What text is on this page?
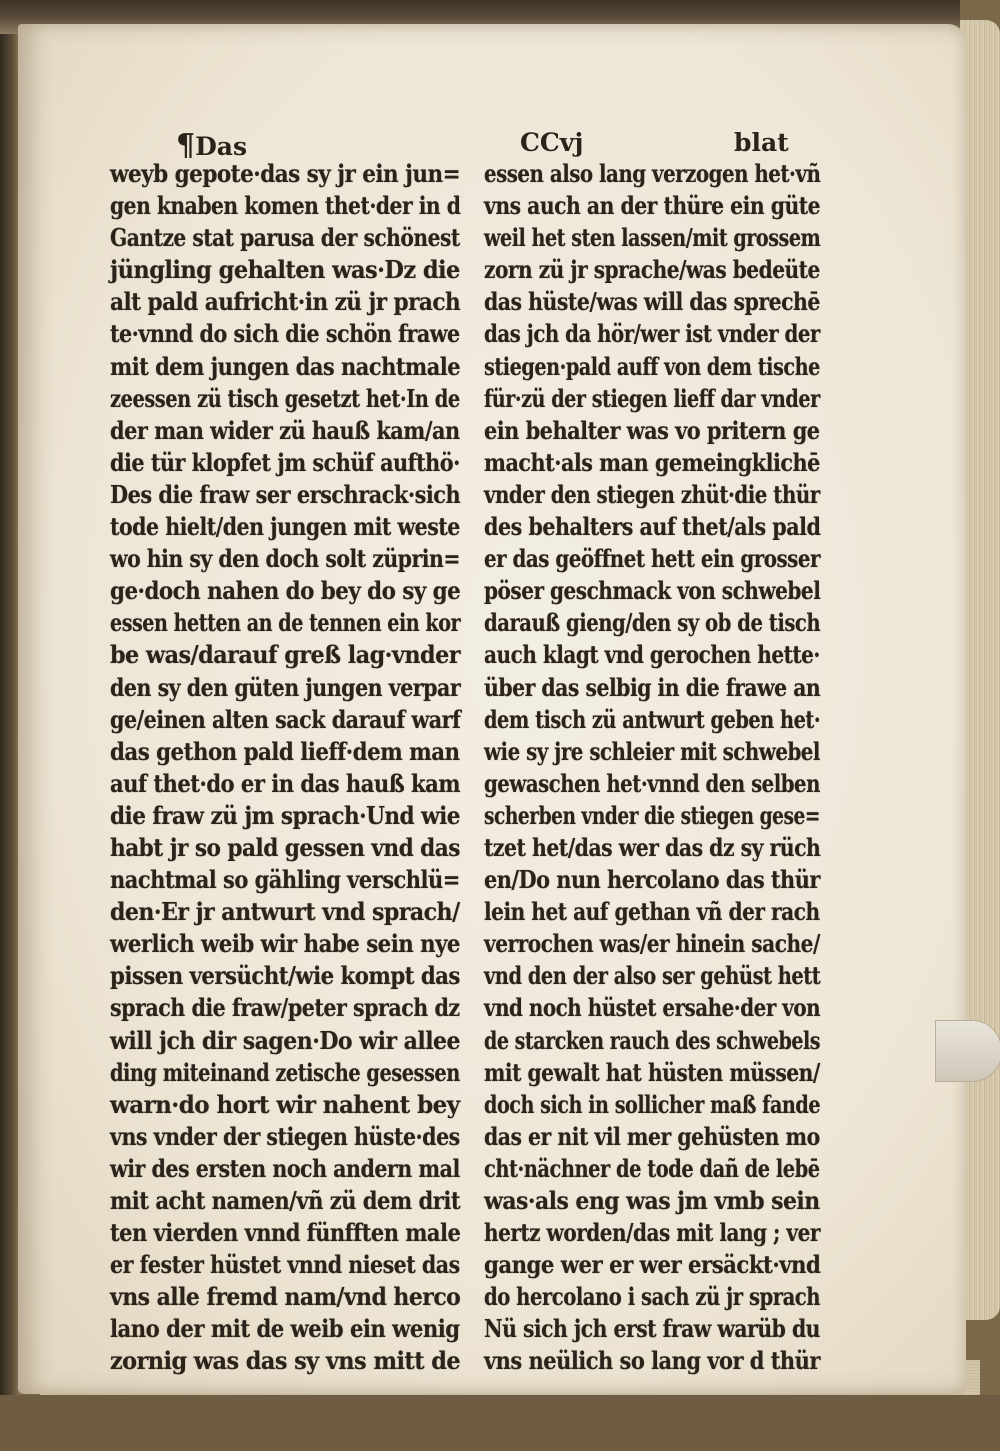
¶Das	CCvj	blat
weyb gepote·das sy jr ein jun=
gen knaben komen thet·der in d
Gantze stat parusa der schönest
jüngling gehalten was·Dz die
alt pald aufricht·in zü jr prach
te·vnnd do sich die schön frawe
mit dem jungen das nachtmale
zeessen zü tisch gesetzt het·In de
der man wider zü hauß kam/an
die tür klopfet jm schüf aufthö·
Des die fraw ser erschrack·sich
tode hielt/den jungen mit weste
wo hin sy den doch solt züprin=
ge·doch nahen do bey do sy ge
essen hetten an de tennen ein kor
be was/darauf greß lag·vnder
den sy den güten jungen verpar
ge/einen alten sack darauf warf
das gethon pald lieff·dem man
auf thet·do er in das hauß kam
die fraw zü jm sprach·Und wie
habt jr so pald gessen vnd das
nachtmal so gähling verschlü=
den·Er jr antwurt vnd sprach/
werlich weib wir habe sein nye
pissen versücht/wie kompt das
sprach die fraw/peter sprach dz
will jch dir sagen·Do wir allee
ding miteinand zetische gesessen
warn·do hort wir nahent bey
vns vnder der stiegen hüste·des
wir des ersten noch andern mal
mit acht namen/vñ zü dem drit
ten vierden vnnd fünfften male
er fester hüstet vnnd nieset das
vns alle fremd nam/vnd herco
lano der mit de weib ein wenig
zornig was das sy vns mitt de
essen also lang verzogen het·vñ
vns auch an der thüre ein güte
weil het sten lassen/mit grossem
zorn zü jr sprache/was bedeüte
das hüste/was will das sprechē
das jch da hör/wer ist vnder der
stiegen·pald auff von dem tische
für·zü der stiegen lieff dar vnder
ein behalter was vo pritern ge
macht·als man gemeingklichē
vnder den stiegen zhüt·die thür
des behalters auf thet/als pald
er das geöffnet hett ein grosser
pöser geschmack von schwebel
darauß gieng/den sy ob de tisch
auch klagt vnd gerochen hette·
über das selbig in die frawe an
dem tisch zü antwurt geben het·
wie sy jre schleier mit schwebel
gewaschen het·vnnd den selben
scherben vnder die stiegen gese=
tzet het/das wer das dz sy rüch
en/Do nun hercolano das thür
lein het auf gethan vñ der rach
verrochen was/er hinein sache/
vnd den der also ser gehüst hett
vnd noch hüstet ersahe·der von
de starcken rauch des schwebels
mit gewalt hat hüsten müssen/
doch sich in sollicher maß fande
das er nit vil mer gehüsten mo
cht·nächner de tode dañ de lebē
was·als eng was jm vmb sein
hertz worden/das mit lang ; ver
gange wer er wer ersäckt·vnd
do hercolano i sach zü jr sprach
Nü sich jch erst fraw warüb du
vns neülich so lang vor d thür
